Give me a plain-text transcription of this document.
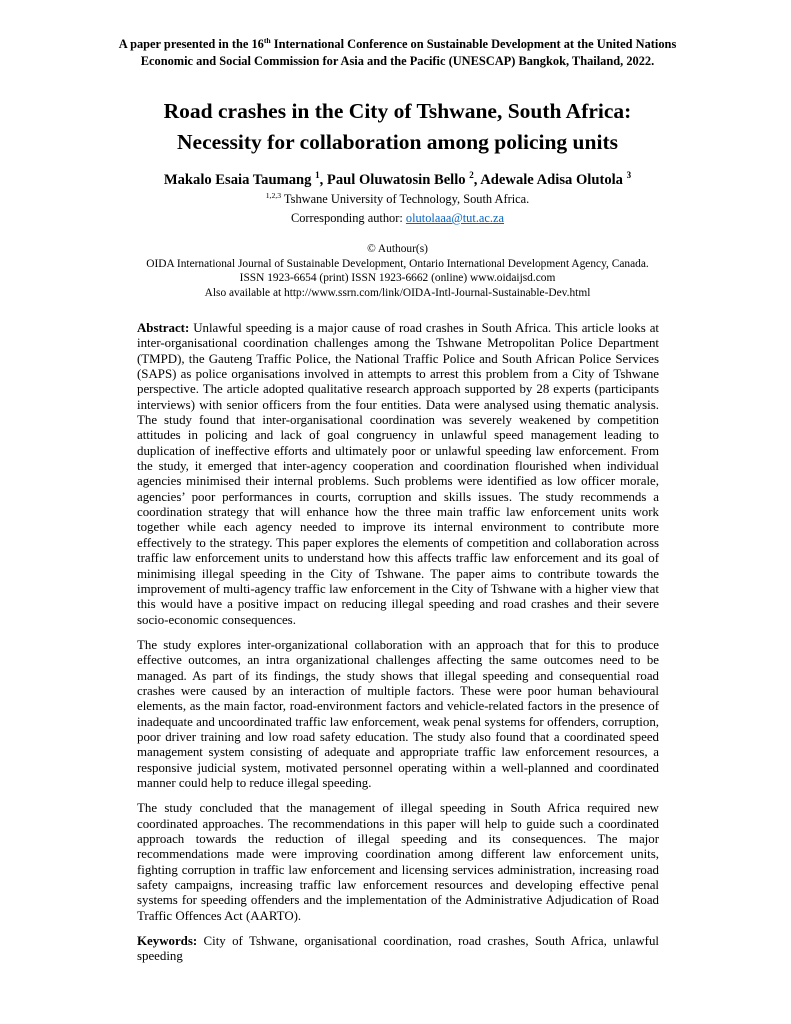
A paper presented in the 16th International Conference on Sustainable Development at the United Nations Economic and Social Commission for Asia and the Pacific (UNESCAP) Bangkok, Thailand, 2022.

Road crashes in the City of Tshwane, South Africa:
Necessity for collaboration among policing units

Makalo Esaia Taumang $^1$, Paul Oluwatosin Bello $^2$, Adewale Adisa Olutola $^3$

$^{1,2,3}$ Tshwane University of Technology, South Africa.

Corresponding author: olutolaaa@tut.ac.za

© Authour(s)
OIDA International Journal of Sustainable Development, Ontario International Development Agency, Canada.
ISSN 1923-6654 (print) ISSN 1923-6662 (online) www.oidaijsd.com
Also available at http://www.ssrn.com/link/OIDA-Intl-Journal-Sustainable-Dev.html

Abstract: Unlawful speeding is a major cause of road crashes in South Africa. This article looks at inter-organisational coordination challenges among the Tshwane Metropolitan Police Department (TMPD), the Gauteng Traffic Police, the National Traffic Police and South African Police Services (SAPS) as police organisations involved in attempts to arrest this problem from a City of Tshwane perspective. The article adopted qualitative research approach supported by 28 experts (participants interviews) with senior officers from the four entities. Data were analysed using thematic analysis. The study found that inter-organisational coordination was severely weakened by competition attitudes in policing and lack of goal congruency in unlawful speed management leading to duplication of ineffective efforts and ultimately poor or unlawful speeding law enforcement. From the study, it emerged that inter-agency cooperation and coordination flourished when individual agencies minimised their internal problems. Such problems were identified as low officer morale, agencies’ poor performances in courts, corruption and skills issues. The study recommends a coordination strategy that will enhance how the three main traffic law enforcement units work together while each agency needed to improve its internal environment to contribute more effectively to the strategy. This paper explores the elements of competition and collaboration across traffic law enforcement units to understand how this affects traffic law enforcement and its goal of minimising illegal speeding in the City of Tshwane. The paper aims to contribute towards the improvement of multi-agency traffic law enforcement in the City of Tshwane with a higher view that this would have a positive impact on reducing illegal speeding and road crashes and their severe socio-economic consequences.

The study explores inter-organizational collaboration with an approach that for this to produce effective outcomes, an intra organizational challenges affecting the same outcomes need to be managed. As part of its findings, the study shows that illegal speeding and consequential road crashes were caused by an interaction of multiple factors. These were poor human behavioural elements, as the main factor, road-environment factors and vehicle-related factors in the presence of inadequate and uncoordinated traffic law enforcement, weak penal systems for offenders, corruption, poor driver training and low road safety education. The study also found that a coordinated speed management system consisting of adequate and appropriate traffic law enforcement resources, a responsive judicial system, motivated personnel operating within a well-planned and coordinated manner could help to reduce illegal speeding.

The study concluded that the management of illegal speeding in South Africa required new coordinated approaches. The recommendations in this paper will help to guide such a coordinated approach towards the reduction of illegal speeding and its consequences. The major recommendations made were improving coordination among different law enforcement units, fighting corruption in traffic law enforcement and licensing services administration, increasing road safety campaigns, increasing traffic law enforcement resources and developing effective penal systems for speeding offenders and the implementation of the Administrative Adjudication of Road Traffic Offences Act (AARTO).

Keywords: City of Tshwane, organisational coordination, road crashes, South Africa, unlawful speeding
